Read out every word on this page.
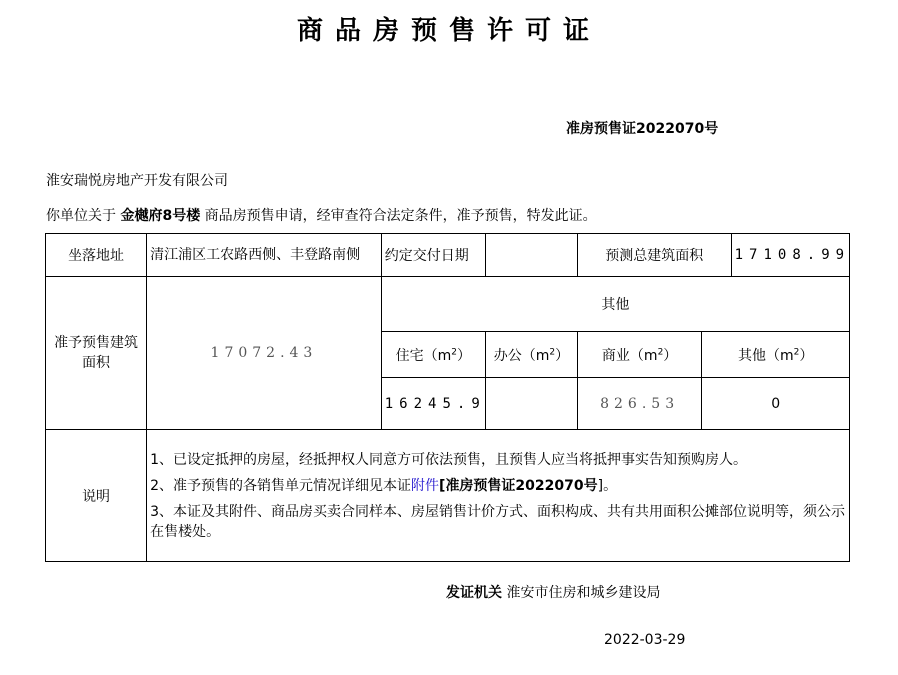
商品房预售许可证
准房预售证2022070号
淮安瑞悦房地产开发有限公司
你单位关于 金樾府8号楼 商品房预售申请，经审查符合法定条件，准予预售，特发此证。
坐落地址	清江浦区工农路西侧、丰登路南侧	约定交付日期		预测总建筑面积		17108.99
准予预售建筑面积	17072.43	其他				
		住宅$(m^2)$	办公$(m^2)$	商业$(m^2)$	其他$(m^2)$	
		16245.9		826.53	0	
说明	1、已设定抵押的房屋，经抵押权人同意方可依法预售，且预售人应当将抵押事实告知预购房人。

2、准予预售的各销售单元情况详细见本证附件[准房预售证2022070号]。

3、本证及其附件、商品房买卖合同样本、房屋销售计价方式、面积构成、共有共用面积公摊部位说明等，须公示在售楼处。					

发证机关 淮安市住房和城乡建设局
2022-03-29
